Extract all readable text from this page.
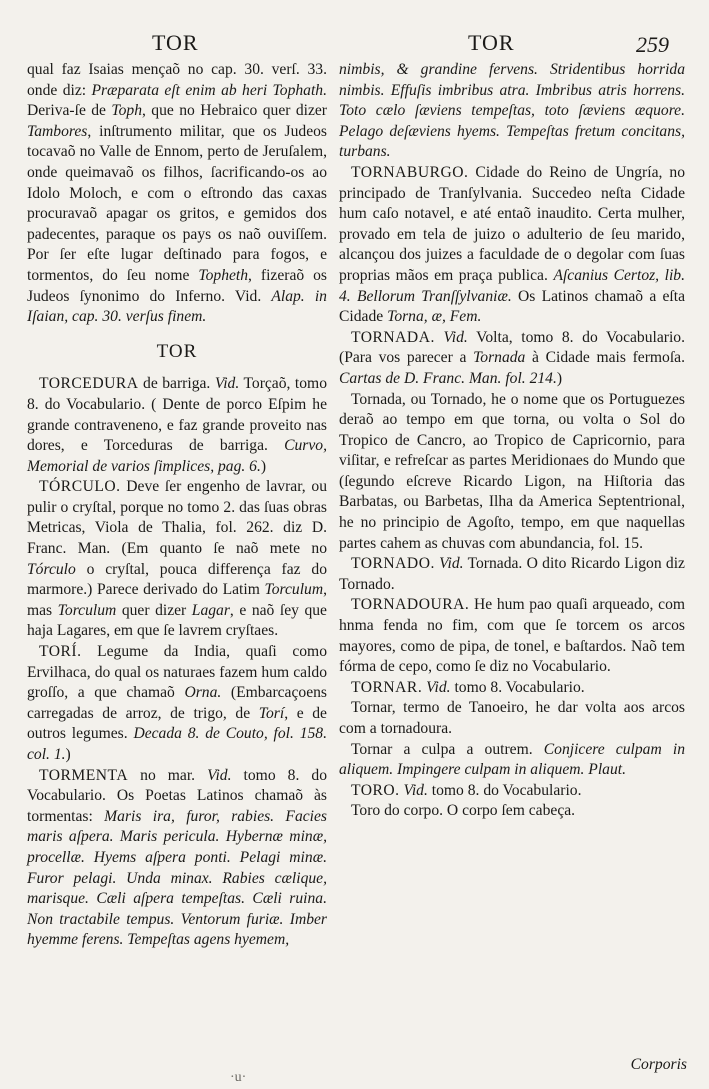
TOR	TOR	259

qual faz Isaias mençaõ no cap. 30. verſ. 33. onde diz: Præparata eſt enim ab heri Tophath. Deriva-ſe de Toph, que no Hebraico quer dizer Tambores, inſtrumento militar, que os Judeos tocavaõ no Valle de Ennom, perto de Jeruſalem, onde queimavaõ os filhos, ſacrificando-os ao Idolo Moloch, e com o eſtrondo das caxas procuravaõ apagar os gritos, e gemidos dos padecentes, paraque os pays os naõ ouviſſem. Por ſer eſte lugar deſtinado para fogos, e tormentos, do ſeu nome Topheth, fizeraõ os Judeos ſynonimo do Inferno. Vid. Alap. in Iſaian, cap. 30. verſus finem.

TOR

TORCEDURA de barriga. Vid. Torçaõ, tomo 8. do Vocabulario. ( Dente de porco Eſpim he grande contraveneno, e faz grande proveito nas dores, e Torceduras de barriga. Curvo, Memorial de varios ſimplices, pag. 6.)

TÓRCULO. Deve ſer engenho de lavrar, ou pulir o cryſtal, porque no tomo 2. das ſuas obras Metricas, Viola de Thalia, fol. 262. diz D. Franc. Man. (Em quanto ſe naõ mete no Tórculo o cryſtal, pouca differença faz do marmore.) Parece derivado do Latim Torculum, mas Torculum quer dizer Lagar, e naõ ſey que haja Lagares, em que ſe lavrem cryſtaes.

TORÍ. Legume da India, quaſi como Ervilhaca, do qual os naturaes fazem hum caldo groſſo, a que chamaõ Orna. (Embarcaçoens carregadas de arroz, de trigo, de Torí, e de outros legumes. Decada 8. de Couto, fol. 158. col. 1.)

TORMENTA no mar. Vid. tomo 8. do Vocabulario. Os Poetas Latinos chamaõ às tormentas: Maris ira, furor, rabies. Facies maris aſpera. Maris pericula. Hybernæ minæ, procellæ. Hyems aſpera ponti. Pelagi minæ. Furor pelagi. Unda minax. Rabies cælique, marisque. Cæli aſpera tempeſtas. Cæli ruina. Non tractabile tempus. Ventorum furiæ. Imber hyemme ferens. Tempeſtas agens hyemem,

nimbis, & grandine fervens. Stridentibus horrida nimbis. Effuſis imbribus atra. Imbribus atris horrens. Toto cælo ſæviens tempeſtas, toto ſæviens æquore. Pelago deſæviens hyems. Tempeſtas fretum concitans, turbans.

TORNABURGO. Cidade do Reino de Ungría, no principado de Tranſylvania. Succedeo neſta Cidade hum caſo notavel, e até entaõ inaudito. Certa mulher, provado em tela de juizo o adulterio de ſeu marido, alcançou dos juizes a faculdade de o degolar com ſuas proprias mãos em praça publica. Aſcanius Certoz, lib. 4. Bellorum Tranſſylvaniæ. Os Latinos chamaõ a eſta Cidade Torna, æ, Fem.

TORNADA. Vid. Volta, tomo 8. do Vocabulario. (Para vos parecer a Tornada à Cidade mais fermoſa. Cartas de D. Franc. Man. fol. 214.)

Tornada, ou Tornado, he o nome que os Portuguezes deraõ ao tempo em que torna, ou volta o Sol do Tropico de Cancro, ao Tropico de Capricornio, para viſitar, e refreſcar as partes Meridionaes do Mundo que (ſegundo eſcreve Ricardo Ligon, na Hiſtoria das Barbatas, ou Barbetas, Ilha da America Septentrional, he no principio de Agoſto, tempo, em que naquellas partes cahem as chuvas com abundancia, fol. 15.

TORNADO. Vid. Tornada. O dito Ricardo Ligon diz Tornado.

TORNADOURA. He hum pao quaſi arqueado, com hnma fenda no fim, com que ſe torcem os arcos mayores, como de pipa, de tonel, e baſtardos. Naõ tem fórma de cepo, como ſe diz no Vocabulario.

TORNAR. Vid. tomo 8. Vocabulario.

Tornar, termo de Tanoeiro, he dar volta aos arcos com a tornadoura.

Tornar a culpa a outrem. Conjicere culpam in aliquem. Impingere culpam in aliquem. Plaut.

TORO. Vid. tomo 8. do Vocabulario.

Toro do corpo. O corpo ſem cabeça.

Corporis
·u·
